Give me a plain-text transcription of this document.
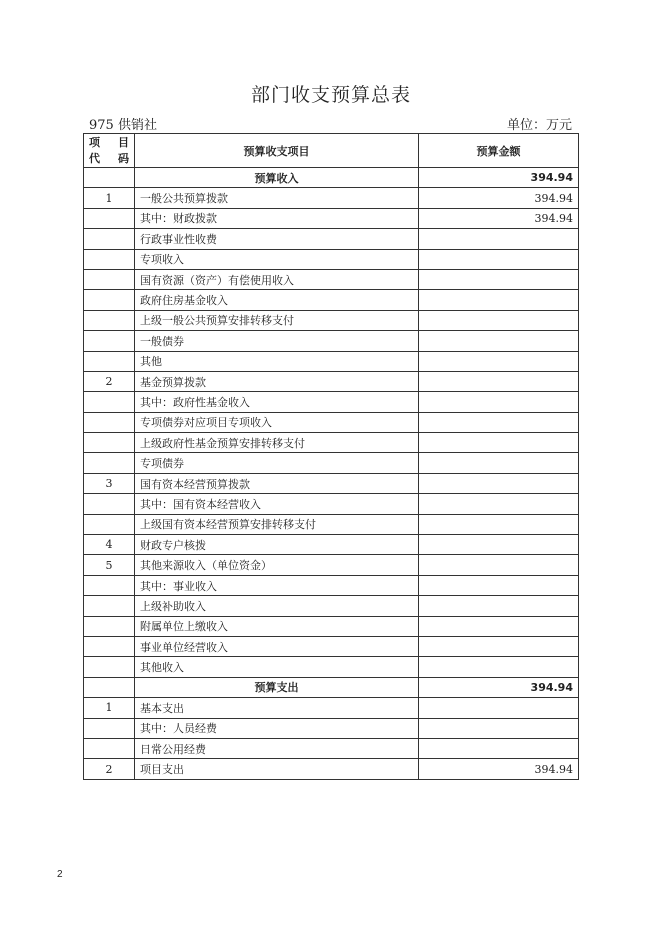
部门收支预算总表
975 供销社	单位：万元
项　目
代　码	预算收支项目	预算金额
	预算收入	394.94
1	一般公共预算拨款	394.94
	其中：财政拨款	394.94
	行政事业性收费	
	专项收入	
	国有资源（资产）有偿使用收入	
	政府住房基金收入	
	上级一般公共预算安排转移支付	
	一般债券	
	其他	
2	基金预算拨款	
	其中：政府性基金收入	
	专项债券对应项目专项收入	
	上级政府性基金预算安排转移支付	
	专项债券	
3	国有资本经营预算拨款	
	其中：国有资本经营收入	
	上级国有资本经营预算安排转移支付	
4	财政专户核拨	
5	其他来源收入（单位资金）	
	其中：事业收入	
	上级补助收入	
	附属单位上缴收入	
	事业单位经营收入	
	其他收入	
	预算支出	394.94
1	基本支出	
	其中：人员经费	
	日常公用经费	
2	项目支出	394.94
2
